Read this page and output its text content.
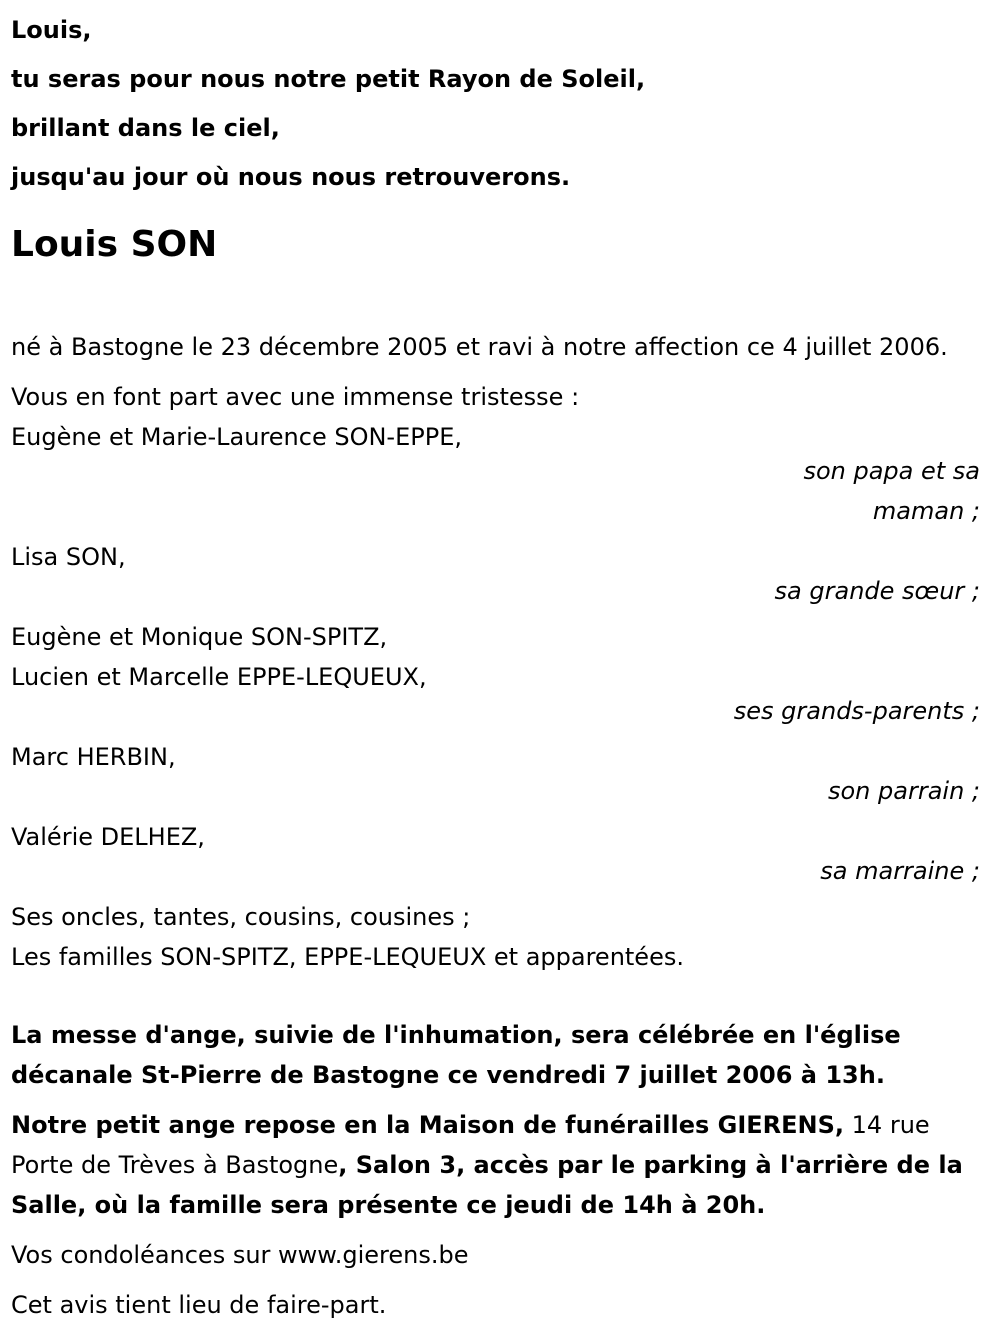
Louis,

tu seras pour nous notre petit Rayon de Soleil,

brillant dans le ciel,

jusqu'au jour où nous nous retrouverons.

Louis SON

né à Bastogne le 23 décembre 2005 et ravi à notre affection ce 4 juillet 2006.

Vous en font part avec une immense tristesse :

Eugène et Marie-Laurence SON-EPPE,

son papa et sa maman ;

Lisa SON,

sa grande sœur ;

Eugène et Monique SON-SPITZ,

Lucien et Marcelle EPPE-LEQUEUX,

ses grands-parents ;

Marc HERBIN,

son parrain ;

Valérie DELHEZ,

sa marraine ;

Ses oncles, tantes, cousins, cousines ;

Les familles SON-SPITZ, EPPE-LEQUEUX et apparentées.

La messe d'ange, suivie de l'inhumation, sera célébrée en l'église décanale St-Pierre de Bastogne ce vendredi 7 juillet 2006 à 13h.

Notre petit ange repose en la Maison de funérailles GIERENS, 14 rue Porte de Trèves à Bastogne, Salon 3, accès par le parking à l'arrière de la Salle, où la famille sera présente ce jeudi de 14h à 20h.

Vos condoléances sur www.gierens.be

Cet avis tient lieu de faire-part.
